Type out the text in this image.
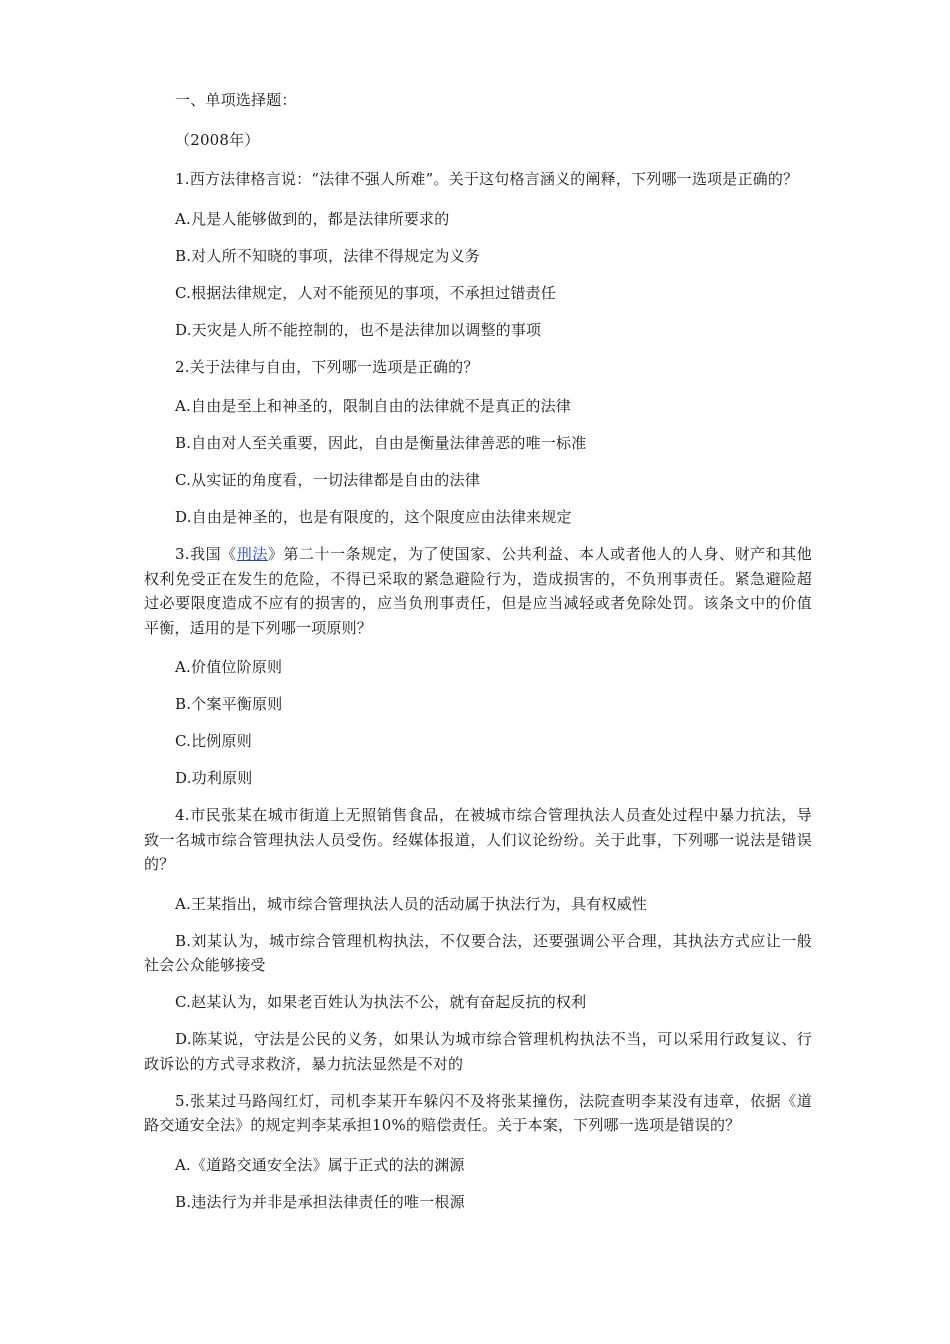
一、单项选择题：

（2008年）

1.西方法律格言说：“法律不强人所难”。关于这句格言涵义的阐释，下列哪一选项是正确的？

A.凡是人能够做到的，都是法律所要求的

B.对人所不知晓的事项，法律不得规定为义务

C.根据法律规定，人对不能预见的事项，不承担过错责任

D.天灾是人所不能控制的，也不是法律加以调整的事项

2.关于法律与自由，下列哪一选项是正确的？

A.自由是至上和神圣的，限制自由的法律就不是真正的法律

B.自由对人至关重要，因此，自由是衡量法律善恶的唯一标准

C.从实证的角度看，一切法律都是自由的法律

D.自由是神圣的，也是有限度的，这个限度应由法律来规定

3.我国《刑法》第二十一条规定，为了使国家、公共利益、本人或者他人的人身、财产和其他权利免受正在发生的危险，不得已采取的紧急避险行为，造成损害的，不负刑事责任。紧急避险超过必要限度造成不应有的损害的，应当负刑事责任，但是应当减轻或者免除处罚。该条文中的价值平衡，适用的是下列哪一项原则？

A.价值位阶原则

B.个案平衡原则

C.比例原则

D.功利原则

4.市民张某在城市街道上无照销售食品，在被城市综合管理执法人员查处过程中暴力抗法，导致一名城市综合管理执法人员受伤。经媒体报道，人们议论纷纷。关于此事，下列哪一说法是错误的？

A.王某指出，城市综合管理执法人员的活动属于执法行为，具有权威性

B.刘某认为，城市综合管理机构执法，不仅要合法，还要强调公平合理，其执法方式应让一般社会公众能够接受

C.赵某认为，如果老百姓认为执法不公，就有奋起反抗的权利

D.陈某说，守法是公民的义务，如果认为城市综合管理机构执法不当，可以采用行政复议、行政诉讼的方式寻求救济，暴力抗法显然是不对的

5.张某过马路闯红灯，司机李某开车躲闪不及将张某撞伤，法院查明李某没有违章，依据《道路交通安全法》的规定判李某承担10%的赔偿责任。关于本案，下列哪一选项是错误的？

A.《道路交通安全法》属于正式的法的渊源

B.违法行为并非是承担法律责任的唯一根源
